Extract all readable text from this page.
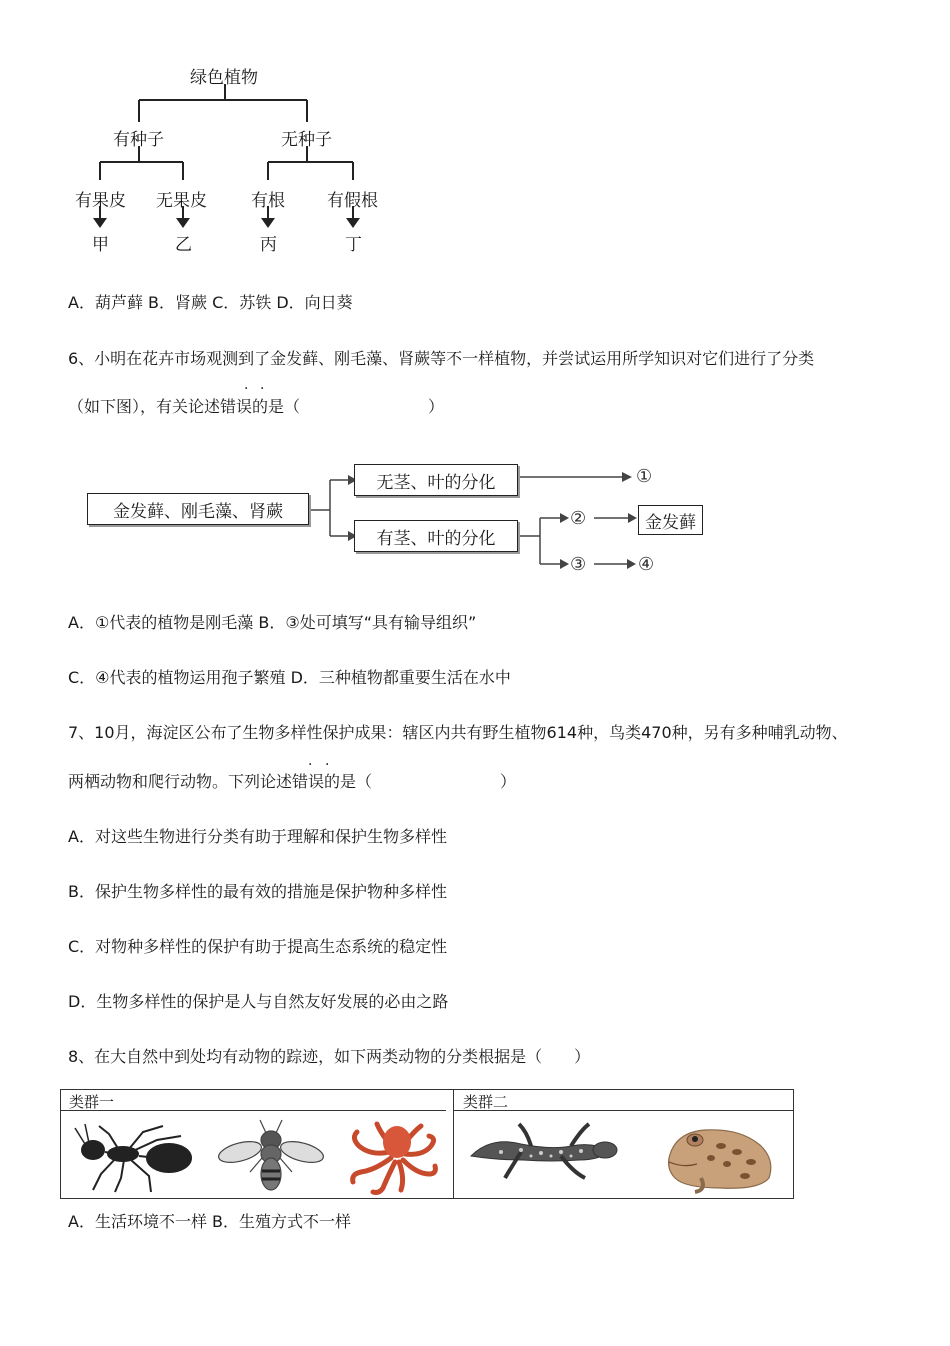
绿色植物
有种子	无种子
有果皮 无果皮	有根 有假根
甲	乙	丙	丁
A．葫芦藓 B．肾蕨 C．苏铁 D．向日葵
6、小明在花卉市场观测到了金发藓、刚毛藻、肾蕨等不一样植物，并尝试运用所学知识对它们进行了分类
· ·
（如下图），有关论述错误的是（　　　　　　　　）
金发藓、刚毛藻、肾蕨
无茎、叶的分化
有茎、叶的分化
①
②
③	④
金发藓
A．①代表的植物是刚毛藻 B．③处可填写“具有输导组织”
C．④代表的植物运用孢子繁殖 D．三种植物都重要生活在水中
7、10月，海淀区公布了生物多样性保护成果：辖区内共有野生植物614种，鸟类470种，另有多种哺乳动物、
· ·
两栖动物和爬行动物。下列论述错误的是（　　　　　　　　）
A．对这些生物进行分类有助于理解和保护生物多样性
B．保护生物多样性的最有效的措施是保护物种多样性
C．对物种多样性的保护有助于提高生态系统的稳定性
D．生物多样性的保护是人与自然友好发展的必由之路
8、在大自然中到处均有动物的踪迹，如下两类动物的分类根据是（　　）
类群一	类群二
A．生活环境不一样 B．生殖方式不一样
